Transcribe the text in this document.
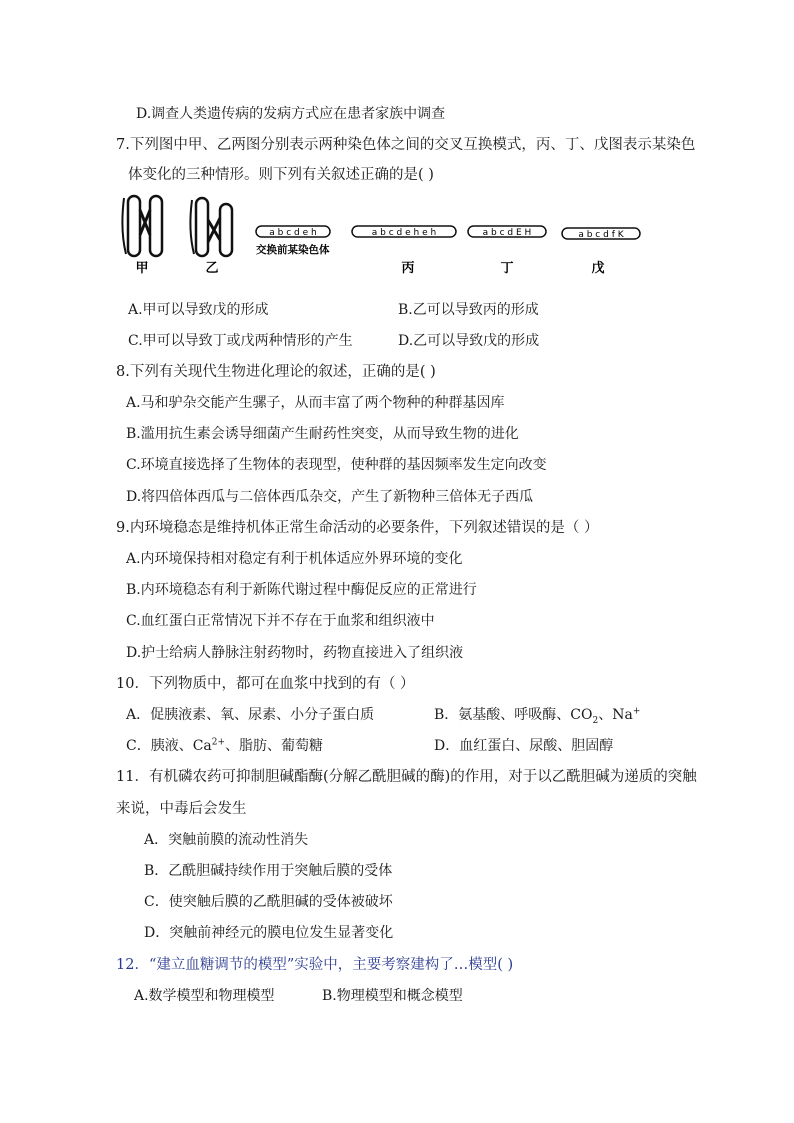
D.调查人类遗传病的发病方式应在患者家族中调查
7.下列图中甲、乙两图分别表示两种染色体之间的交叉互换模式，丙、丁、戊图表示某染色
体变化的三种情形。则下列有关叙述正确的是( )
甲	乙
a b c d e h
交换前某染色体
a b c d e h e h
丙
a b c d E H
丁
a b c d f K
戊
A.甲可以导致戊的形成	B.乙可以导致丙的形成
C.甲可以导致丁或戊两种情形的产生	D.乙可以导致戊的形成
8.下列有关现代生物进化理论的叙述，正确的是( )
A.马和驴杂交能产生骡子，从而丰富了两个物种的种群基因库
B.滥用抗生素会诱导细菌产生耐药性突变，从而导致生物的进化
C.环境直接选择了生物体的表现型，使种群的基因频率发生定向改变
D.将四倍体西瓜与二倍体西瓜杂交，产生了新物种三倍体无子西瓜
9.内环境稳态是维持机体正常生命活动的必要条件，下列叙述错误的是（ ）
A.内环境保持相对稳定有利于机体适应外界环境的变化
B.内环境稳态有利于新陈代谢过程中酶促反应的正常进行
C.血红蛋白正常情况下并不存在于血浆和组织液中
D.护士给病人静脉注射药物时，药物直接进入了组织液
10．下列物质中，都可在血浆中找到的有（ ）
A．促胰液素、氧、尿素、小分子蛋白质	B．氨基酸、呼吸酶、$CO_2$、Na+
C．胰液、$Ca^{2+}$、脂肪、葡萄糖	D．血红蛋白、尿酸、胆固醇
11．有机磷农药可抑制胆碱酯酶(分解乙酰胆碱的酶)的作用，对于以乙酰胆碱为递质的突触
来说，中毒后会发生
A．突触前膜的流动性消失
B．乙酰胆碱持续作用于突触后膜的受体
C．使突触后膜的乙酰胆碱的受体被破坏
D．突触前神经元的膜电位发生显著变化
12．“建立血糖调节的模型”实验中，主要考察建构了…模型( )
A.数学模型和物理模型	B.物理模型和概念模型
